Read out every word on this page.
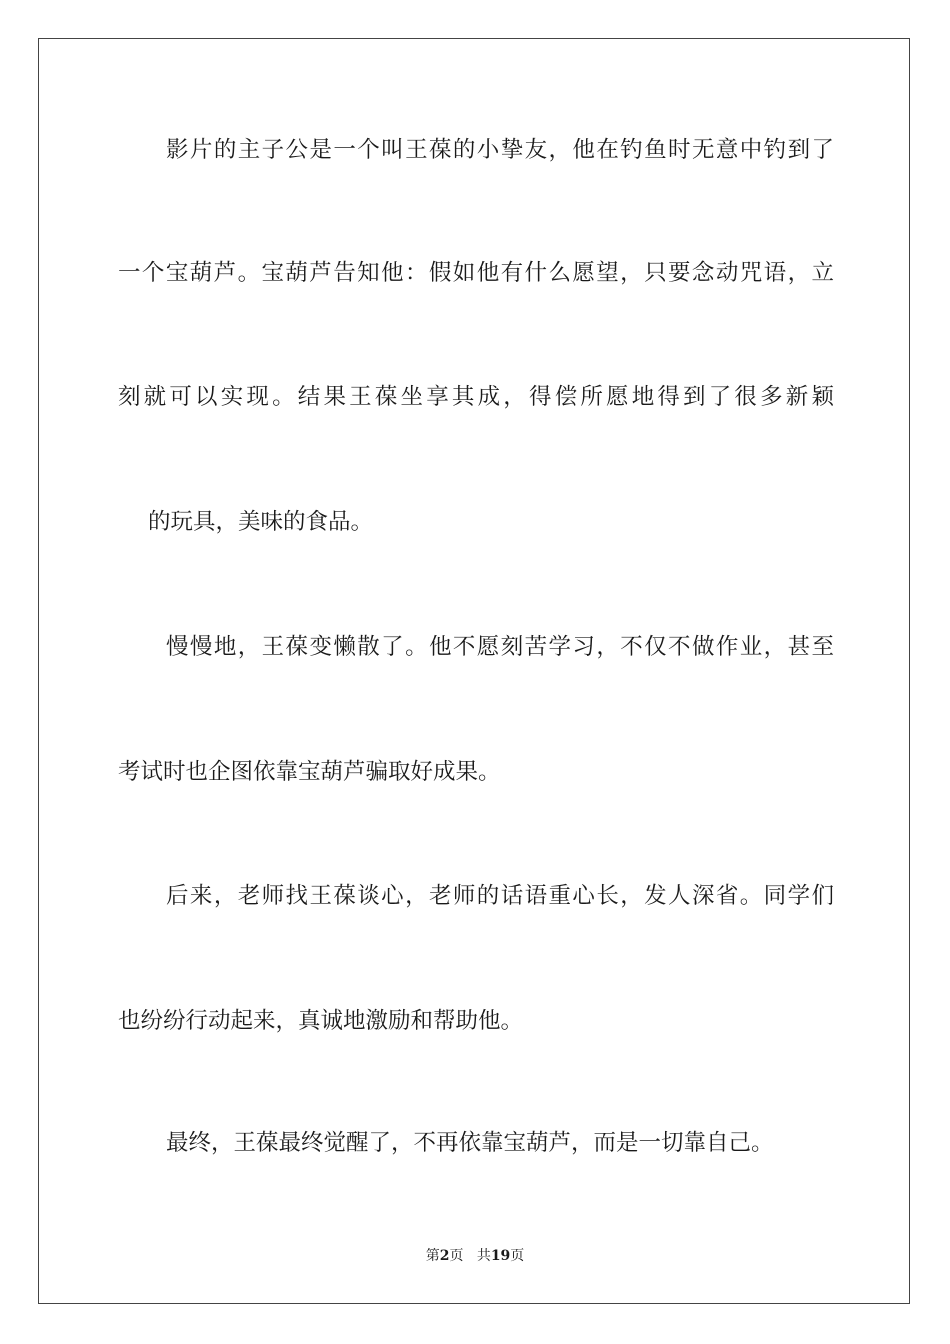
影片的主子公是一个叫王葆的小挚友，他在钓鱼时无意中钓到了
一个宝葫芦。宝葫芦告知他：假如他有什么愿望，只要念动咒语，立
刻就可以实现。结果王葆坐享其成，得偿所愿地得到了很多新颖
的玩具，美味的食品。
慢慢地，王葆变懒散了。他不愿刻苦学习，不仅不做作业，甚至
考试时也企图依靠宝葫芦骗取好成果。
后来，老师找王葆谈心，老师的话语重心长，发人深省。同学们
也纷纷行动起来，真诚地激励和帮助他。
最终，王葆最终觉醒了，不再依靠宝葫芦，而是一切靠自己。
第2页 共19页
